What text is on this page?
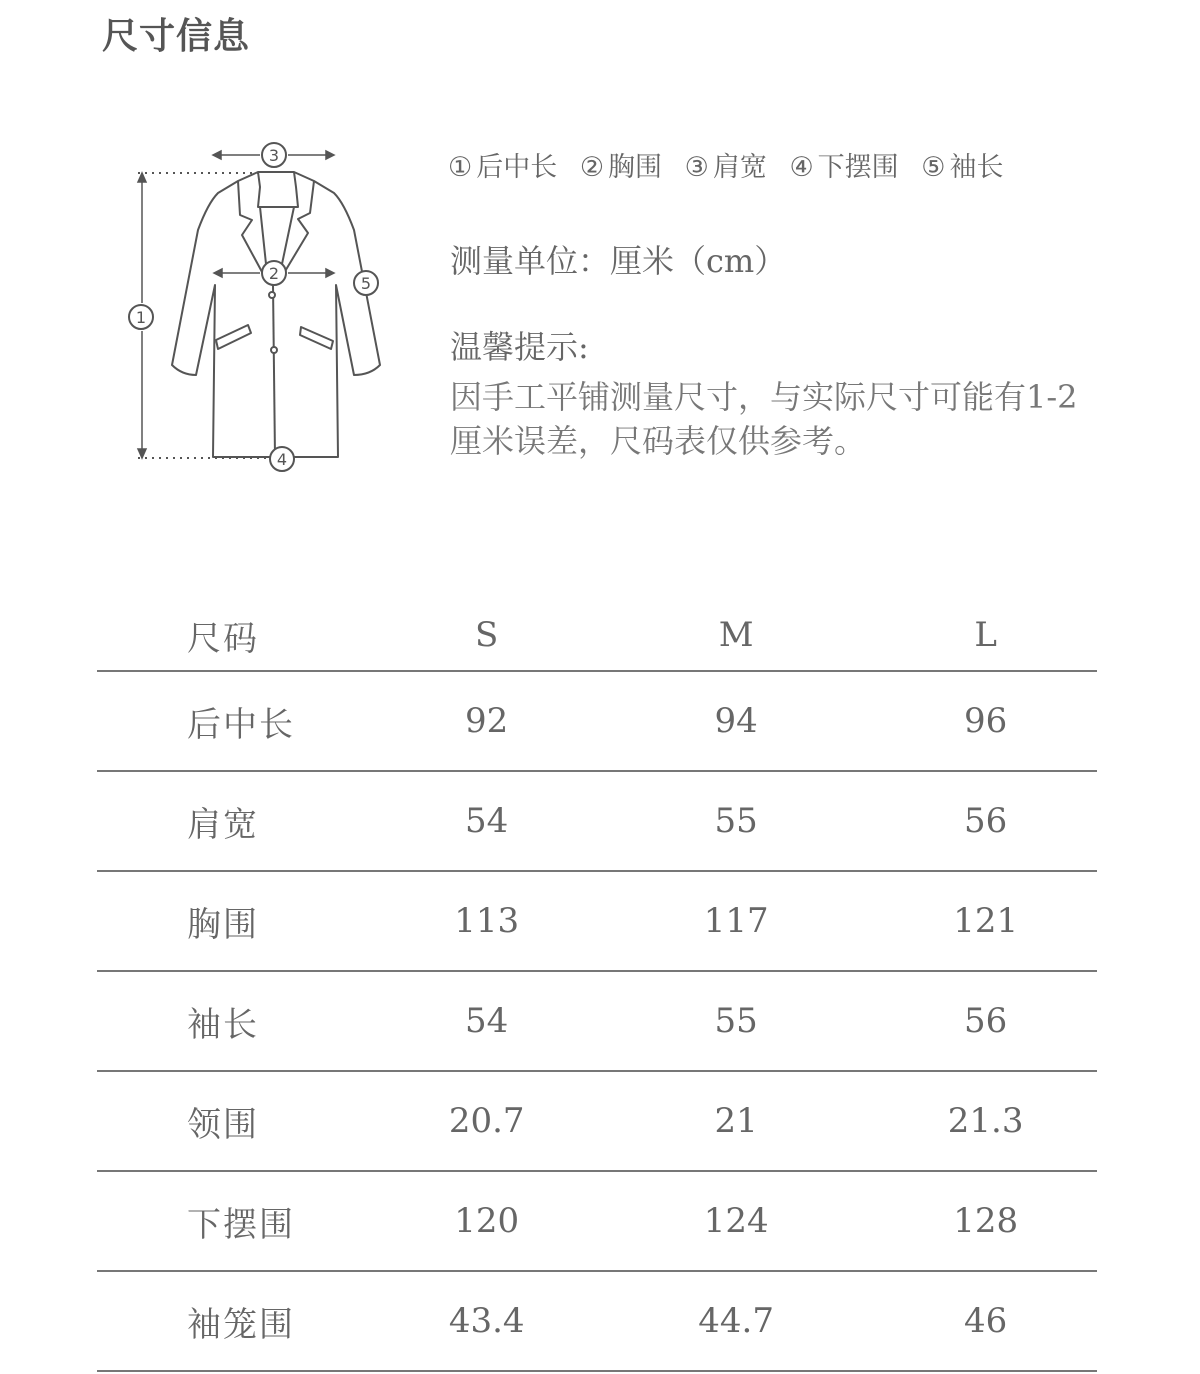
尺寸信息
1
2
3
4
5
① 后中长 ② 胸围 ③ 肩宽 ④ 下摆围 ⑤ 袖长
测量单位：厘米（cm）
温馨提示:
因手工平铺测量尺寸，与实际尺寸可能有1-2厘米误差，尺码表仅供参考。
尺码	S	M	L
后中长	92	94	96
肩宽	54	55	56
胸围	113	117	121
袖长	54	55	56
领围	20.7	21	21.3
下摆围	120	124	128
袖笼围	43.4	44.7	46
